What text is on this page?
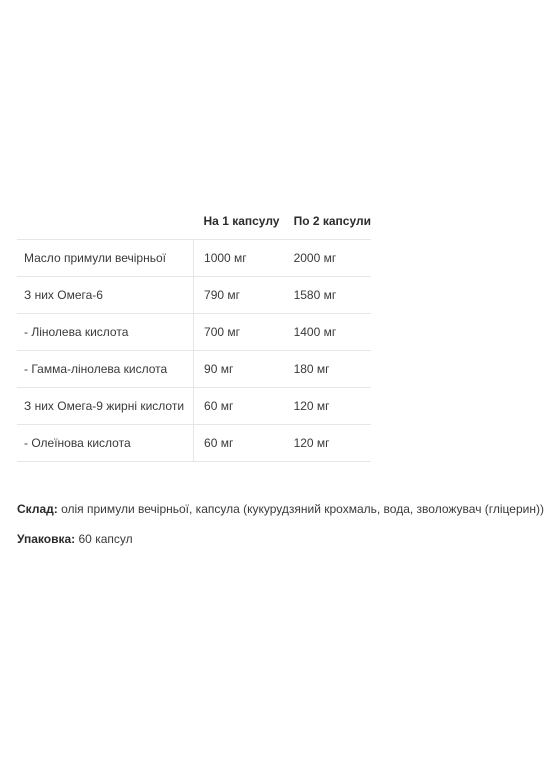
	На 1 капсулу	По 2 капсули
Масло примули вечірньої	1000 мг	2000 мг
З них Омега-6	790 мг	1580 мг
- Лінолева кислота	700 мг	1400 мг
- Гамма-лінолева кислота	90 мг	180 мг
З них Омега-9 жирні кислоти	60 мг	120 мг
- Олеїнова кислота	60 мг	120 мг
Склад: олія примули вечірньої, капсула (кукурудзяний крохмаль, вода, зволожувач (гліцерин))
Упаковка: 60 капсул
